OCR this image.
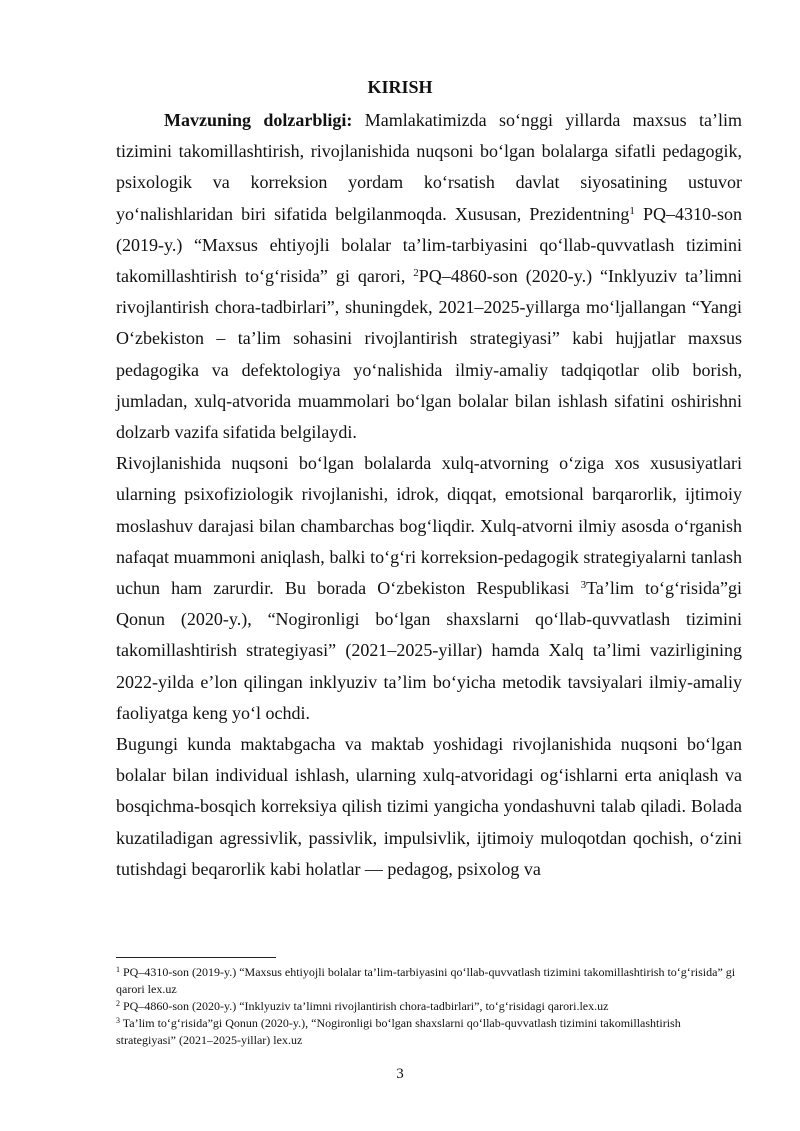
KIRISH

Mavzuning dolzarbligi: Mamlakatimizda so‘nggi yillarda maxsus ta’lim tizimini takomillashtirish, rivojlanishida nuqsoni bo‘lgan bolalarga sifatli pedagogik, psixologik va korreksion yordam ko‘rsatish davlat siyosatining ustuvor yo‘nalishlaridan biri sifatida belgilanmoqda. Xususan, Prezidentning$^1$ PQ–4310-son (2019-y.) “Maxsus ehtiyojli bolalar ta’lim-tarbiyasini qo‘llab-quvvatlash tizimini takomillashtirish to‘g‘risida” gi qarori, $^2$PQ–4860-son (2020-y.) “Inklyuziv ta’limni rivojlantirish chora-tadbirlari”, shuningdek, 2021–2025-yillarga mo‘ljallangan “Yangi O‘zbekiston – ta’lim sohasini rivojlantirish strategiyasi” kabi hujjatlar maxsus pedagogika va defektologiya yo‘nalishida ilmiy-amaliy tadqiqotlar olib borish, jumladan, xulq-atvorida muammolari bo‘lgan bolalar bilan ishlash sifatini oshirishni dolzarb vazifa sifatida belgilaydi.

Rivojlanishida nuqsoni bo‘lgan bolalarda xulq-atvorning o‘ziga xos xususiyatlari ularning psixofiziologik rivojlanishi, idrok, diqqat, emotsional barqarorlik, ijtimoiy moslashuv darajasi bilan chambarchas bog‘liqdir. Xulq-atvorni ilmiy asosda o‘rganish nafaqat muammoni aniqlash, balki to‘g‘ri korreksion-pedagogik strategiyalarni tanlash uchun ham zarurdir. Bu borada O‘zbekiston Respublikasi $^3$Ta’lim to‘g‘risida”gi Qonun (2020-y.), “Nogironligi bo‘lgan shaxslarni qo‘llab-quvvatlash tizimini takomillashtirish strategiyasi” (2021–2025-yillar) hamda Xalq ta’limi vazirligining 2022-yilda e’lon qilingan inklyuziv ta’lim bo‘yicha metodik tavsiyalari ilmiy-amaliy faoliyatga keng yo‘l ochdi.

Bugungi kunda maktabgacha va maktab yoshidagi rivojlanishida nuqsoni bo‘lgan bolalar bilan individual ishlash, ularning xulq-atvoridagi og‘ishlarni erta aniqlash va bosqichma-bosqich korreksiya qilish tizimi yangicha yondashuvni talab qiladi. Bolada kuzatiladigan agressivlik, passivlik, impulsivlik, ijtimoiy muloqotdan qochish, o‘zini tutishdagi beqarorlik kabi holatlar — pedagog, psixolog va

$^1$ PQ–4310-son (2019-y.) “Maxsus ehtiyojli bolalar ta’lim-tarbiyasini qo‘llab-quvvatlash tizimini takomillashtirish to‘g‘risida” gi qarori lex.uz

$^2$ PQ–4860-son (2020-y.) “Inklyuziv ta’limni rivojlantirish chora-tadbirlari”, to‘g‘risidagi qarori.lex.uz

$^3$ Ta’lim to‘g‘risida”gi Qonun (2020-y.), “Nogironligi bo‘lgan shaxslarni qo‘llab-quvvatlash tizimini takomillashtirish strategiyasi” (2021–2025-yillar) lex.uz

3
